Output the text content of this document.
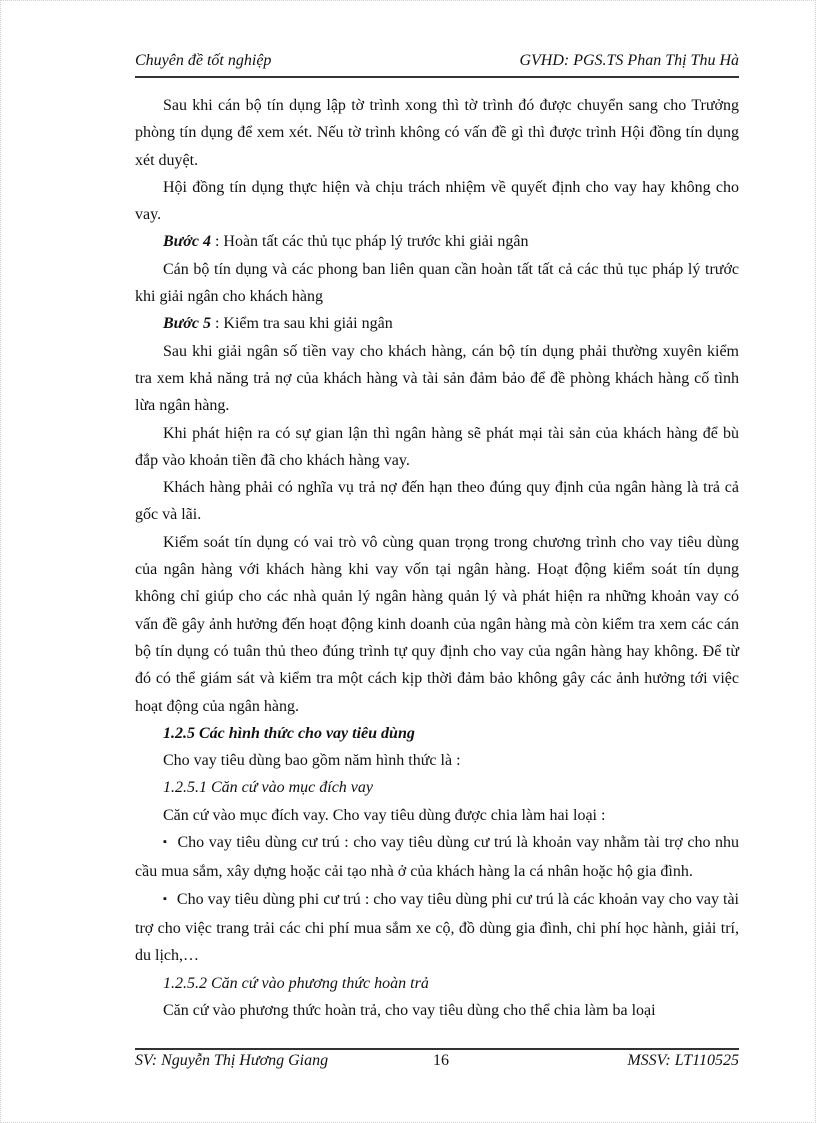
Chuyên đề tốt nghiệp	GVHD: PGS.TS Phan Thị Thu Hà

Sau khi cán bộ tín dụng lập tờ trình xong thì tờ trình đó được chuyển sang cho Trưởng phòng tín dụng để xem xét. Nếu tờ trình không có vấn đề gì thì được trình Hội đồng tín dụng xét duyệt.

Hội đồng tín dụng thực hiện và chịu trách nhiệm về quyết định cho vay hay không cho vay.

Bước 4 : Hoàn tất các thủ tục pháp lý trước khi giải ngân

Cán bộ tín dụng và các phong ban liên quan cần hoàn tất tất cả các thủ tục pháp lý trước khi giải ngân cho khách hàng

Bước 5 : Kiểm tra sau khi giải ngân

Sau khi giải ngân số tiền vay cho khách hàng, cán bộ tín dụng phải thường xuyên kiểm tra xem khả năng trả nợ của khách hàng và tài sản đảm bảo để đề phòng khách hàng cố tình lừa ngân hàng.

Khi phát hiện ra có sự gian lận thì ngân hàng sẽ phát mại tài sản của khách hàng để bù đắp vào khoản tiền đã cho khách hàng vay.

Khách hàng phải có nghĩa vụ trả nợ đến hạn theo đúng quy định của ngân hàng là trả cả gốc và lãi.

Kiểm soát tín dụng có vai trò vô cùng quan trọng trong chương trình cho vay tiêu dùng của ngân hàng với khách hàng khi vay vốn tại ngân hàng. Hoạt động kiểm soát tín dụng không chỉ giúp cho các nhà quản lý ngân hàng quản lý và phát hiện ra những khoản vay có vấn đề gây ảnh hưởng đến hoạt động kinh doanh của ngân hàng mà còn kiểm tra xem các cán bộ tín dụng có tuân thủ theo đúng trình tự quy định cho vay của ngân hàng hay không. Để từ đó có thể giám sát và kiểm tra một cách kịp thời đảm bảo không gây các ảnh hưởng tới việc hoạt động của ngân hàng.

1.2.5 Các hình thức cho vay tiêu dùng

Cho vay tiêu dùng bao gồm năm hình thức là :

1.2.5.1 Căn cứ vào mục đích vay

Căn cứ vào mục đích vay. Cho vay tiêu dùng được chia làm hai loại :

▪ Cho vay tiêu dùng cư trú : cho vay tiêu dùng cư trú là khoản vay nhằm tài trợ cho nhu cầu mua sắm, xây dựng hoặc cải tạo nhà ở của khách hàng la cá nhân hoặc hộ gia đình.

▪ Cho vay tiêu dùng phi cư trú : cho vay tiêu dùng phi cư trú là các khoản vay cho vay tài trợ cho việc trang trải các chi phí mua sắm xe cộ, đồ dùng gia đình, chi phí học hành, giải trí, du lịch,…

1.2.5.2 Căn cứ vào phương thức hoàn trả

Căn cứ vào phương thức hoàn trả, cho vay tiêu dùng cho thể chia làm ba loại

SV: Nguyễn Thị Hương Giang	16	MSSV: LT110525
